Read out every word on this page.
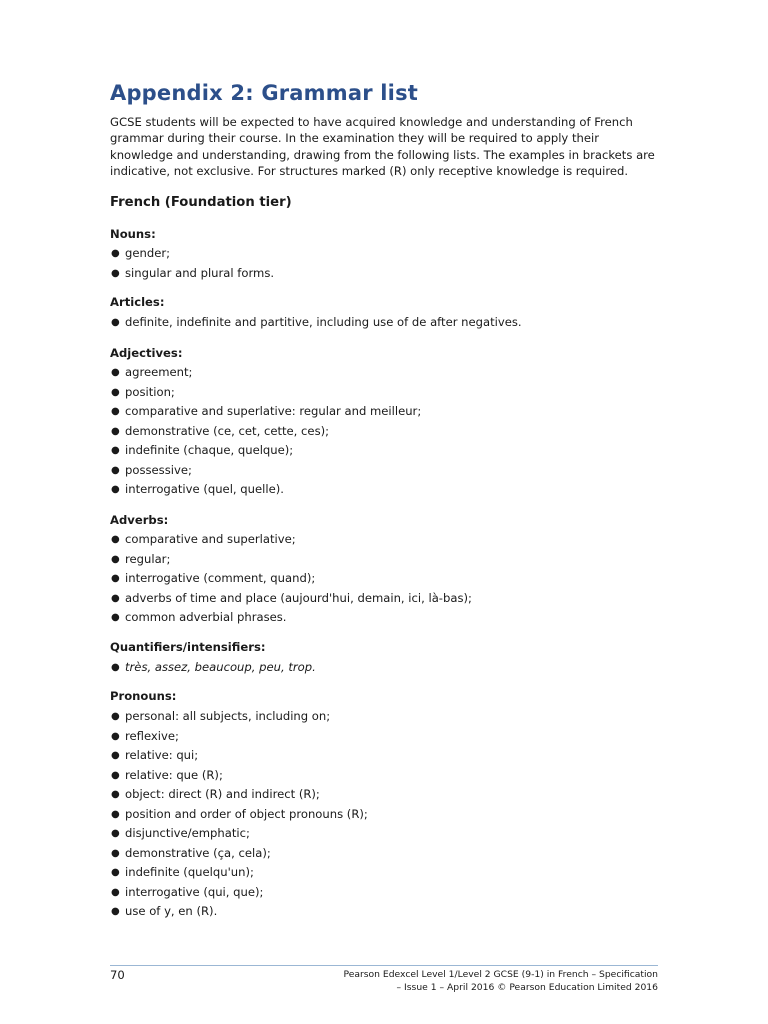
Appendix 2: Grammar list

GCSE students will be expected to have acquired knowledge and understanding of French grammar during their course. In the examination they will be required to apply their knowledge and understanding, drawing from the following lists. The examples in brackets are indicative, not exclusive. For structures marked (R) only receptive knowledge is required.

French (Foundation tier)
Nouns:
● gender;
● singular and plural forms.
Articles:
● definite, indefinite and partitive, including use of de after negatives.
Adjectives:
● agreement;
● position;
● comparative and superlative: regular and meilleur;
● demonstrative (ce, cet, cette, ces);
● indefinite (chaque, quelque);
● possessive;
● interrogative (quel, quelle).
Adverbs:
● comparative and superlative;
● regular;
● interrogative (comment, quand);
● adverbs of time and place (aujourd'hui, demain, ici, là-bas);
● common adverbial phrases.
Quantifiers/intensifiers:
● très, assez, beaucoup, peu, trop.
Pronouns:
● personal: all subjects, including on;
● reflexive;
● relative: qui;
● relative: que (R);
● object: direct (R) and indirect (R);
● position and order of object pronouns (R);
● disjunctive/emphatic;
● demonstrative (ça, cela);
● indefinite (quelqu'un);
● interrogative (qui, que);
● use of y, en (R).
70	Pearson Edexcel Level 1/Level 2 GCSE (9-1) in French – Specification
– Issue 1 – April 2016 © Pearson Education Limited 2016
